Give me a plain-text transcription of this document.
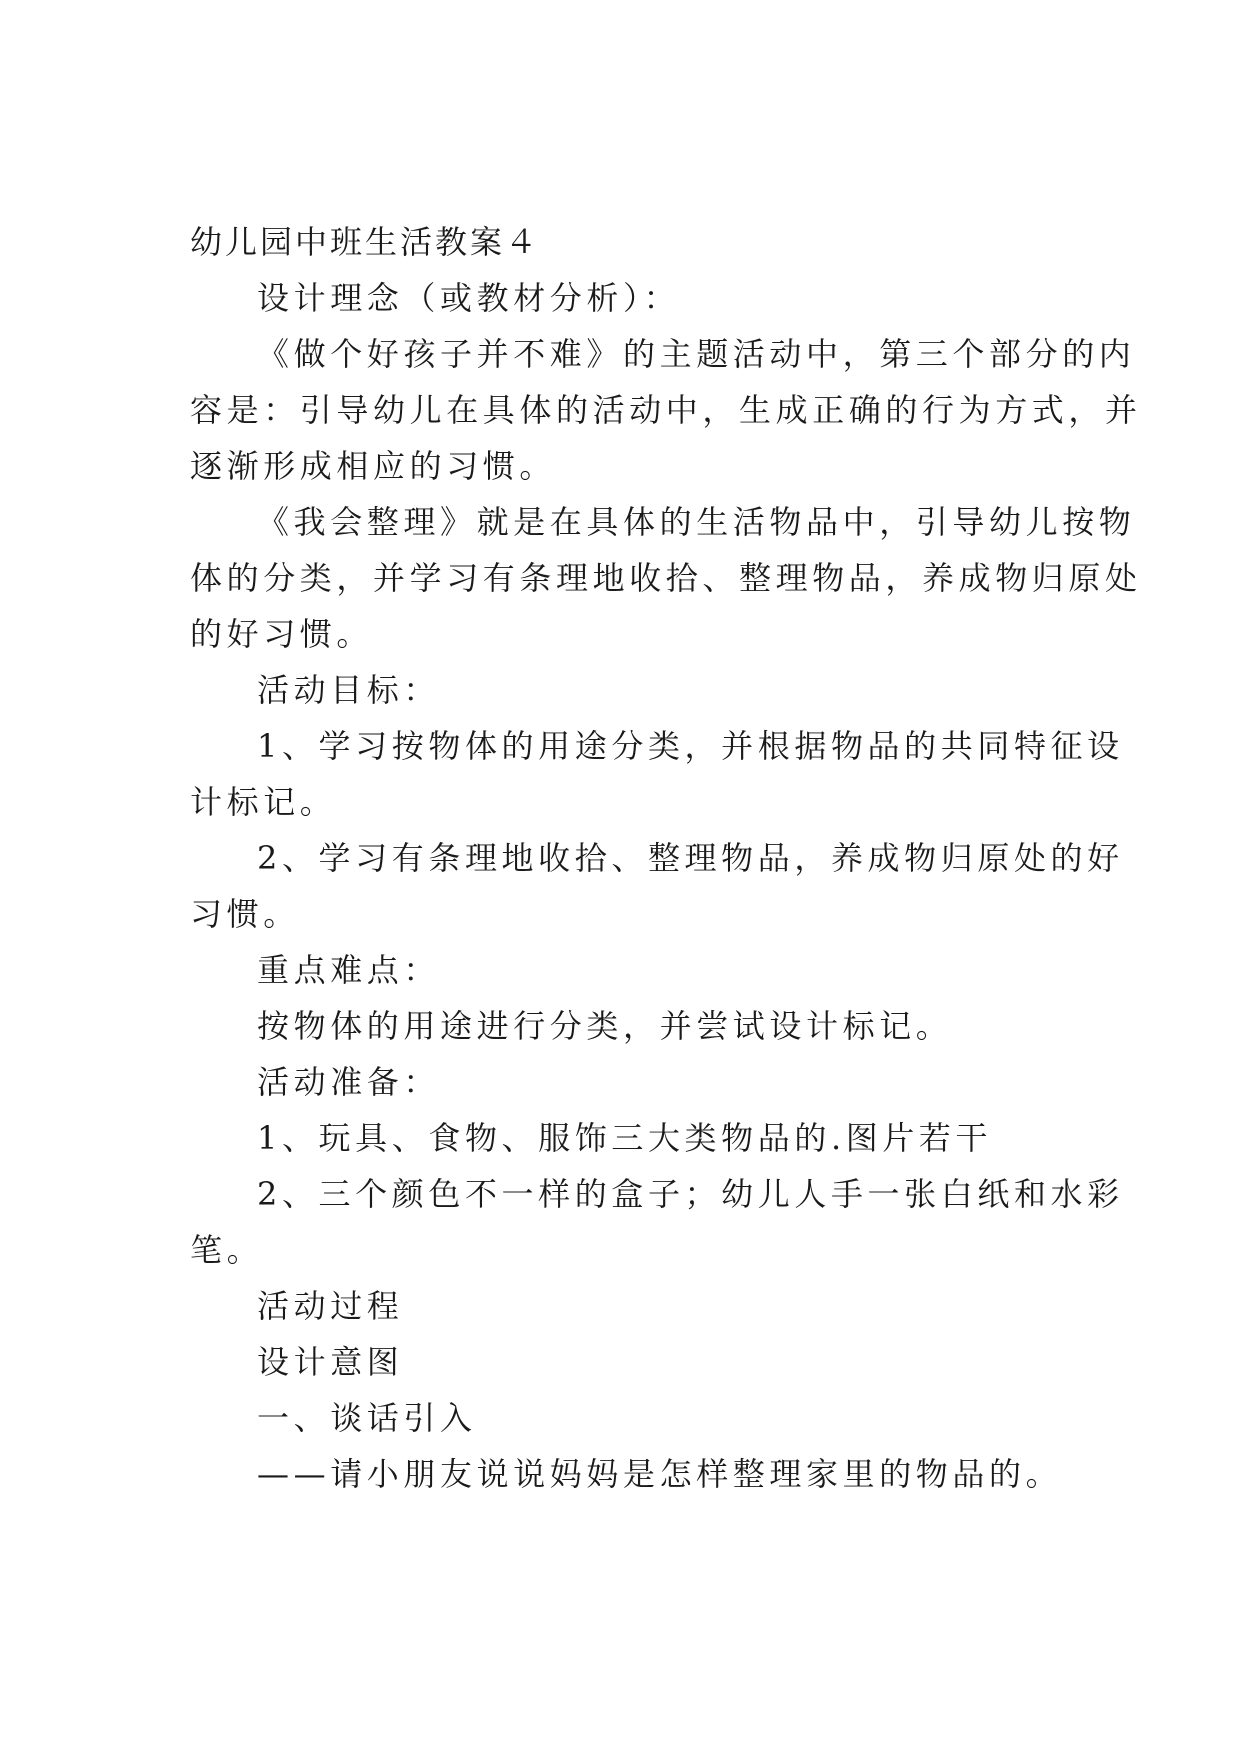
幼儿园中班生活教案４

设计理念（或教材分析）：

《做个好孩子并不难》的主题活动中，第三个部分的内

容是：引导幼儿在具体的活动中，生成正确的行为方式，并

逐渐形成相应的习惯。

《我会整理》就是在具体的生活物品中，引导幼儿按物

体的分类，并学习有条理地收拾、整理物品，养成物归原处

的好习惯。

活动目标：

1、学习按物体的用途分类，并根据物品的共同特征设

计标记。

2、学习有条理地收拾、整理物品，养成物归原处的好

习惯。

重点难点：

按物体的用途进行分类，并尝试设计标记。

活动准备：

1、玩具、食物、服饰三大类物品的.图片若干

2、三个颜色不一样的盒子；幼儿人手一张白纸和水彩

笔。

活动过程

设计意图

一、谈话引入

——请小朋友说说妈妈是怎样整理家里的物品的。
